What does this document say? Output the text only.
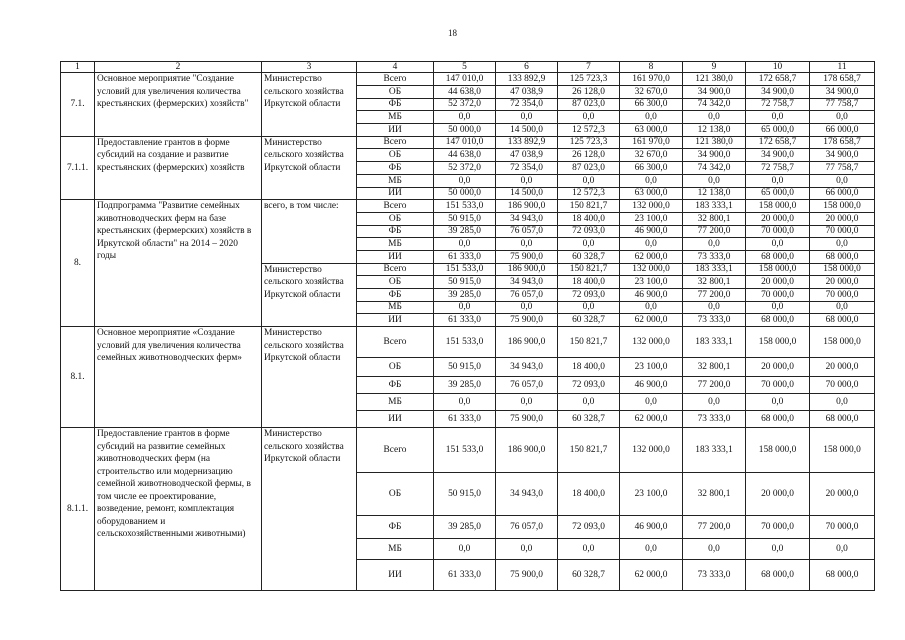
18
1	2	3	4	5	6	7	8	9	10	11
7.1.	Основное мероприятие "Создание условий для увеличения количества крестьянских (фермерских) хозяйств"	Министерство сельского хозяйства Иркутской области	Всего	147 010,0	133 892,9	125 723,3	161 970,0	121 380,0	172 658,7	178 658,7
			ОБ	44 638,0	47 038,9	26 128,0	32 670,0	34 900,0	34 900,0	34 900,0
			ФБ	52 372,0	72 354,0	87 023,0	66 300,0	74 342,0	72 758,7	77 758,7
			МБ	0,0	0,0	0,0	0,0	0,0	0,0	0,0
			ИИ	50 000,0	14 500,0	12 572,3	63 000,0	12 138,0	65 000,0	66 000,0
7.1.1.	Предоставление грантов в форме субсидий на создание и развитие крестьянских (фермерских) хозяйств	Министерство сельского хозяйства Иркутской области	Всего	147 010,0	133 892,9	125 723,3	161 970,0	121 380,0	172 658,7	178 658,7
			ОБ	44 638,0	47 038,9	26 128,0	32 670,0	34 900,0	34 900,0	34 900,0
			ФБ	52 372,0	72 354,0	87 023,0	66 300,0	74 342,0	72 758,7	77 758,7
			МБ	0,0	0,0	0,0	0,0	0,0	0,0	0,0
			ИИ	50 000,0	14 500,0	12 572,3	63 000,0	12 138,0	65 000,0	66 000,0
8.	Подпрограмма "Развитие семейных животноводческих ферм на базе крестьянских (фермерских) хозяйств в Иркутской области" на 2014 – 2020 годы	всего, в том числе:	Всего	151 533,0	186 900,0	150 821,7	132 000,0	183 333,1	158 000,0	158 000,0
			ОБ	50 915,0	34 943,0	18 400,0	23 100,0	32 800,1	20 000,0	20 000,0
			ФБ	39 285,0	76 057,0	72 093,0	46 900,0	77 200,0	70 000,0	70 000,0
			МБ	0,0	0,0	0,0	0,0	0,0	0,0	0,0
			ИИ	61 333,0	75 900,0	60 328,7	62 000,0	73 333,0	68 000,0	68 000,0
		Министерство сельского хозяйства Иркутской области	Всего	151 533,0	186 900,0	150 821,7	132 000,0	183 333,1	158 000,0	158 000,0
			ОБ	50 915,0	34 943,0	18 400,0	23 100,0	32 800,1	20 000,0	20 000,0
			ФБ	39 285,0	76 057,0	72 093,0	46 900,0	77 200,0	70 000,0	70 000,0
			МБ	0,0	0,0	0,0	0,0	0,0	0,0	0,0
			ИИ	61 333,0	75 900,0	60 328,7	62 000,0	73 333,0	68 000,0	68 000,0
8.1.	Основное мероприятие «Создание условий для увеличения количества семейных животноводческих ферм»	Министерство сельского хозяйства Иркутской области	Всего	151 533,0	186 900,0	150 821,7	132 000,0	183 333,1	158 000,0	158 000,0
			ОБ	50 915,0	34 943,0	18 400,0	23 100,0	32 800,1	20 000,0	20 000,0
			ФБ	39 285,0	76 057,0	72 093,0	46 900,0	77 200,0	70 000,0	70 000,0
			МБ	0,0	0,0	0,0	0,0	0,0	0,0	0,0
			ИИ	61 333,0	75 900,0	60 328,7	62 000,0	73 333,0	68 000,0	68 000,0
8.1.1.	Предоставление грантов в форме субсидий на развитие семейных животноводческих ферм (на строительство или модернизацию семейной животноводческой фермы, в том числе ее проектирование, возведение, ремонт, комплектация оборудованием и сельскохозяйственными животными)	Министерство сельского хозяйства Иркутской области	Всего	151 533,0	186 900,0	150 821,7	132 000,0	183 333,1	158 000,0	158 000,0
			ОБ	50 915,0	34 943,0	18 400,0	23 100,0	32 800,1	20 000,0	20 000,0
			ФБ	39 285,0	76 057,0	72 093,0	46 900,0	77 200,0	70 000,0	70 000,0
			МБ	0,0	0,0	0,0	0,0	0,0	0,0	0,0
			ИИ	61 333,0	75 900,0	60 328,7	62 000,0	73 333,0	68 000,0	68 000,0
